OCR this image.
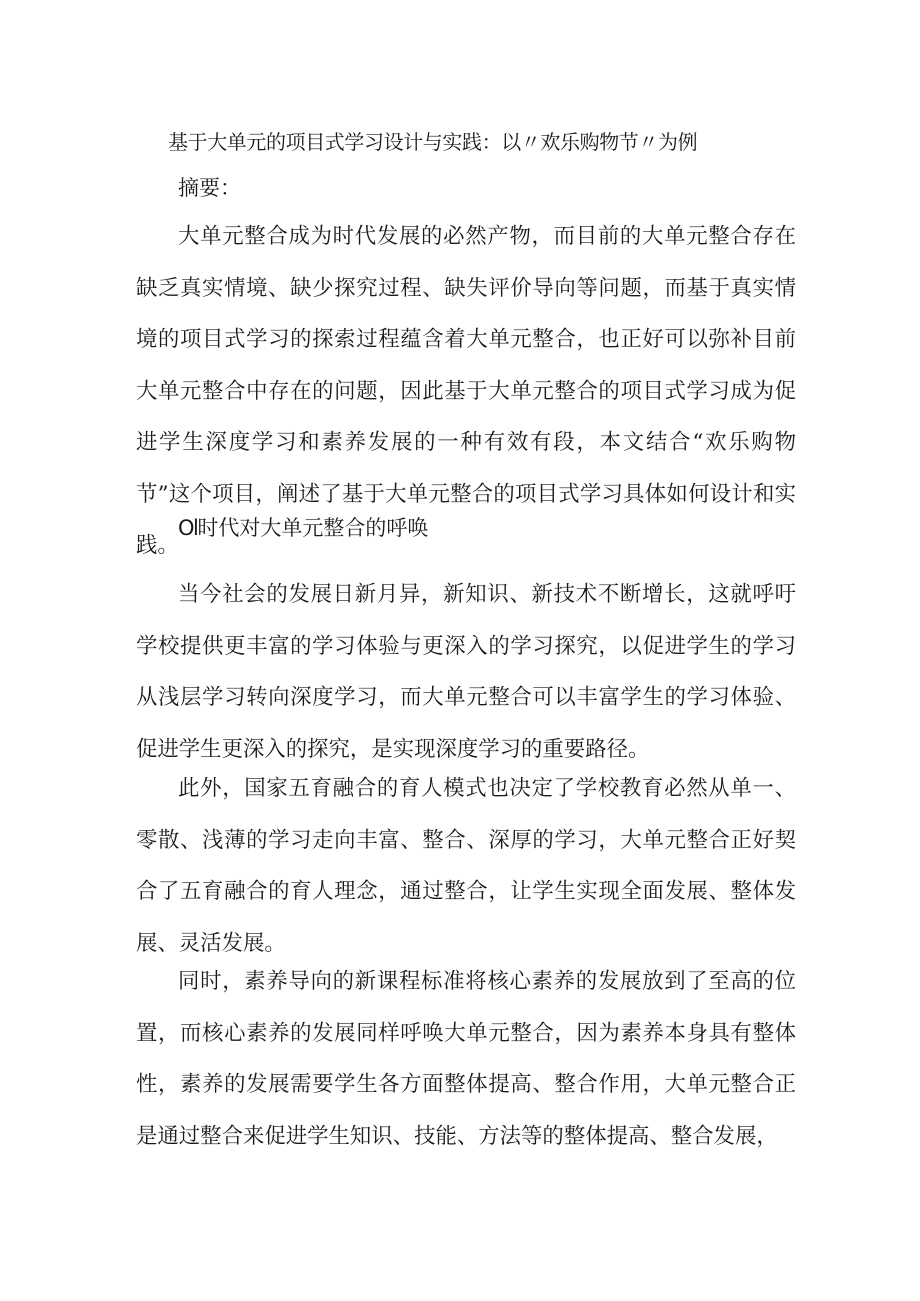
基于大单元的项目式学习设计与实践：以〃欢乐购物节〃为例
摘要：

大单元整合成为时代发展的必然产物，而目前的大单元整合存在缺乏真实情境、缺少探究过程、缺失评价导向等问题，而基于真实情境的项目式学习的探索过程蕴含着大单元整合，也正好可以弥补目前大单元整合中存在的问题，因此基于大单元整合的项目式学习成为促进学生深度学习和素养发展的一种有效有段，本文结合“欢乐购物节”这个项目，阐述了基于大单元整合的项目式学习具体如何设计和实践。

Ol时代对大单元整合的呼唤

当今社会的发展日新月异，新知识、新技术不断增长，这就呼吁学校提供更丰富的学习体验与更深入的学习探究，以促进学生的学习从浅层学习转向深度学习，而大单元整合可以丰富学生的学习体验、促进学生更深入的探究，是实现深度学习的重要路径。

此外，国家五育融合的育人模式也决定了学校教育必然从单一、零散、浅薄的学习走向丰富、整合、深厚的学习，大单元整合正好契合了五育融合的育人理念，通过整合，让学生实现全面发展、整体发展、灵活发展。

同时，素养导向的新课程标准将核心素养的发展放到了至高的位置，而核心素养的发展同样呼唤大单元整合，因为素养本身具有整体性，素养的发展需要学生各方面整体提高、整合作用，大单元整合正是通过整合来促进学生知识、技能、方法等的整体提高、整合发展，
